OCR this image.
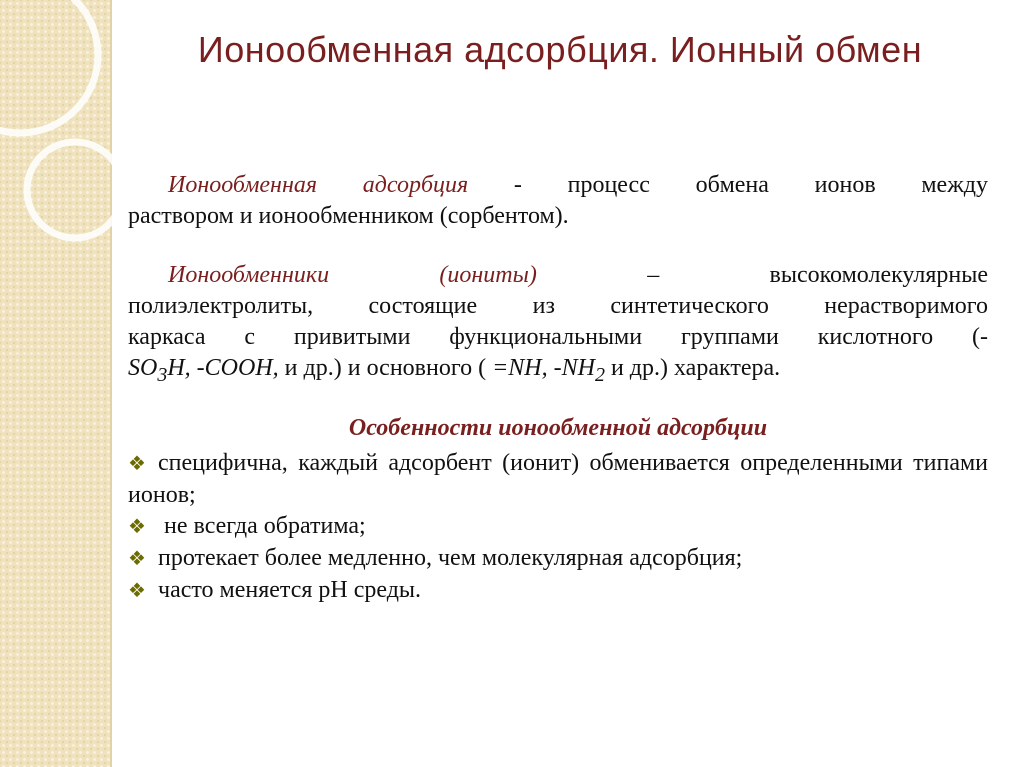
Ионообменная адсорбция. Ионный обмен

Ионообменная адсорбция - процесс обмена ионов между

раствором и ионообменником (сорбентом).

Ионообменники (иониты) – высокомолекулярные

полиэлектролиты, состоящие из синтетического нерастворимого

каркаса с привитыми функциональными группами кислотного (-

$SO_3H$, -COOH, и др.) и основного ( =NH, $-NH_2$ и др.) характера.

Особенности ионообменной адсорбции

❖ специфична, каждый адсорбент (ионит) обменивается определенными типами ионов;

❖ не всегда обратима;

❖ протекает более медленно, чем молекулярная адсорбция;

❖ часто меняется рН среды.
